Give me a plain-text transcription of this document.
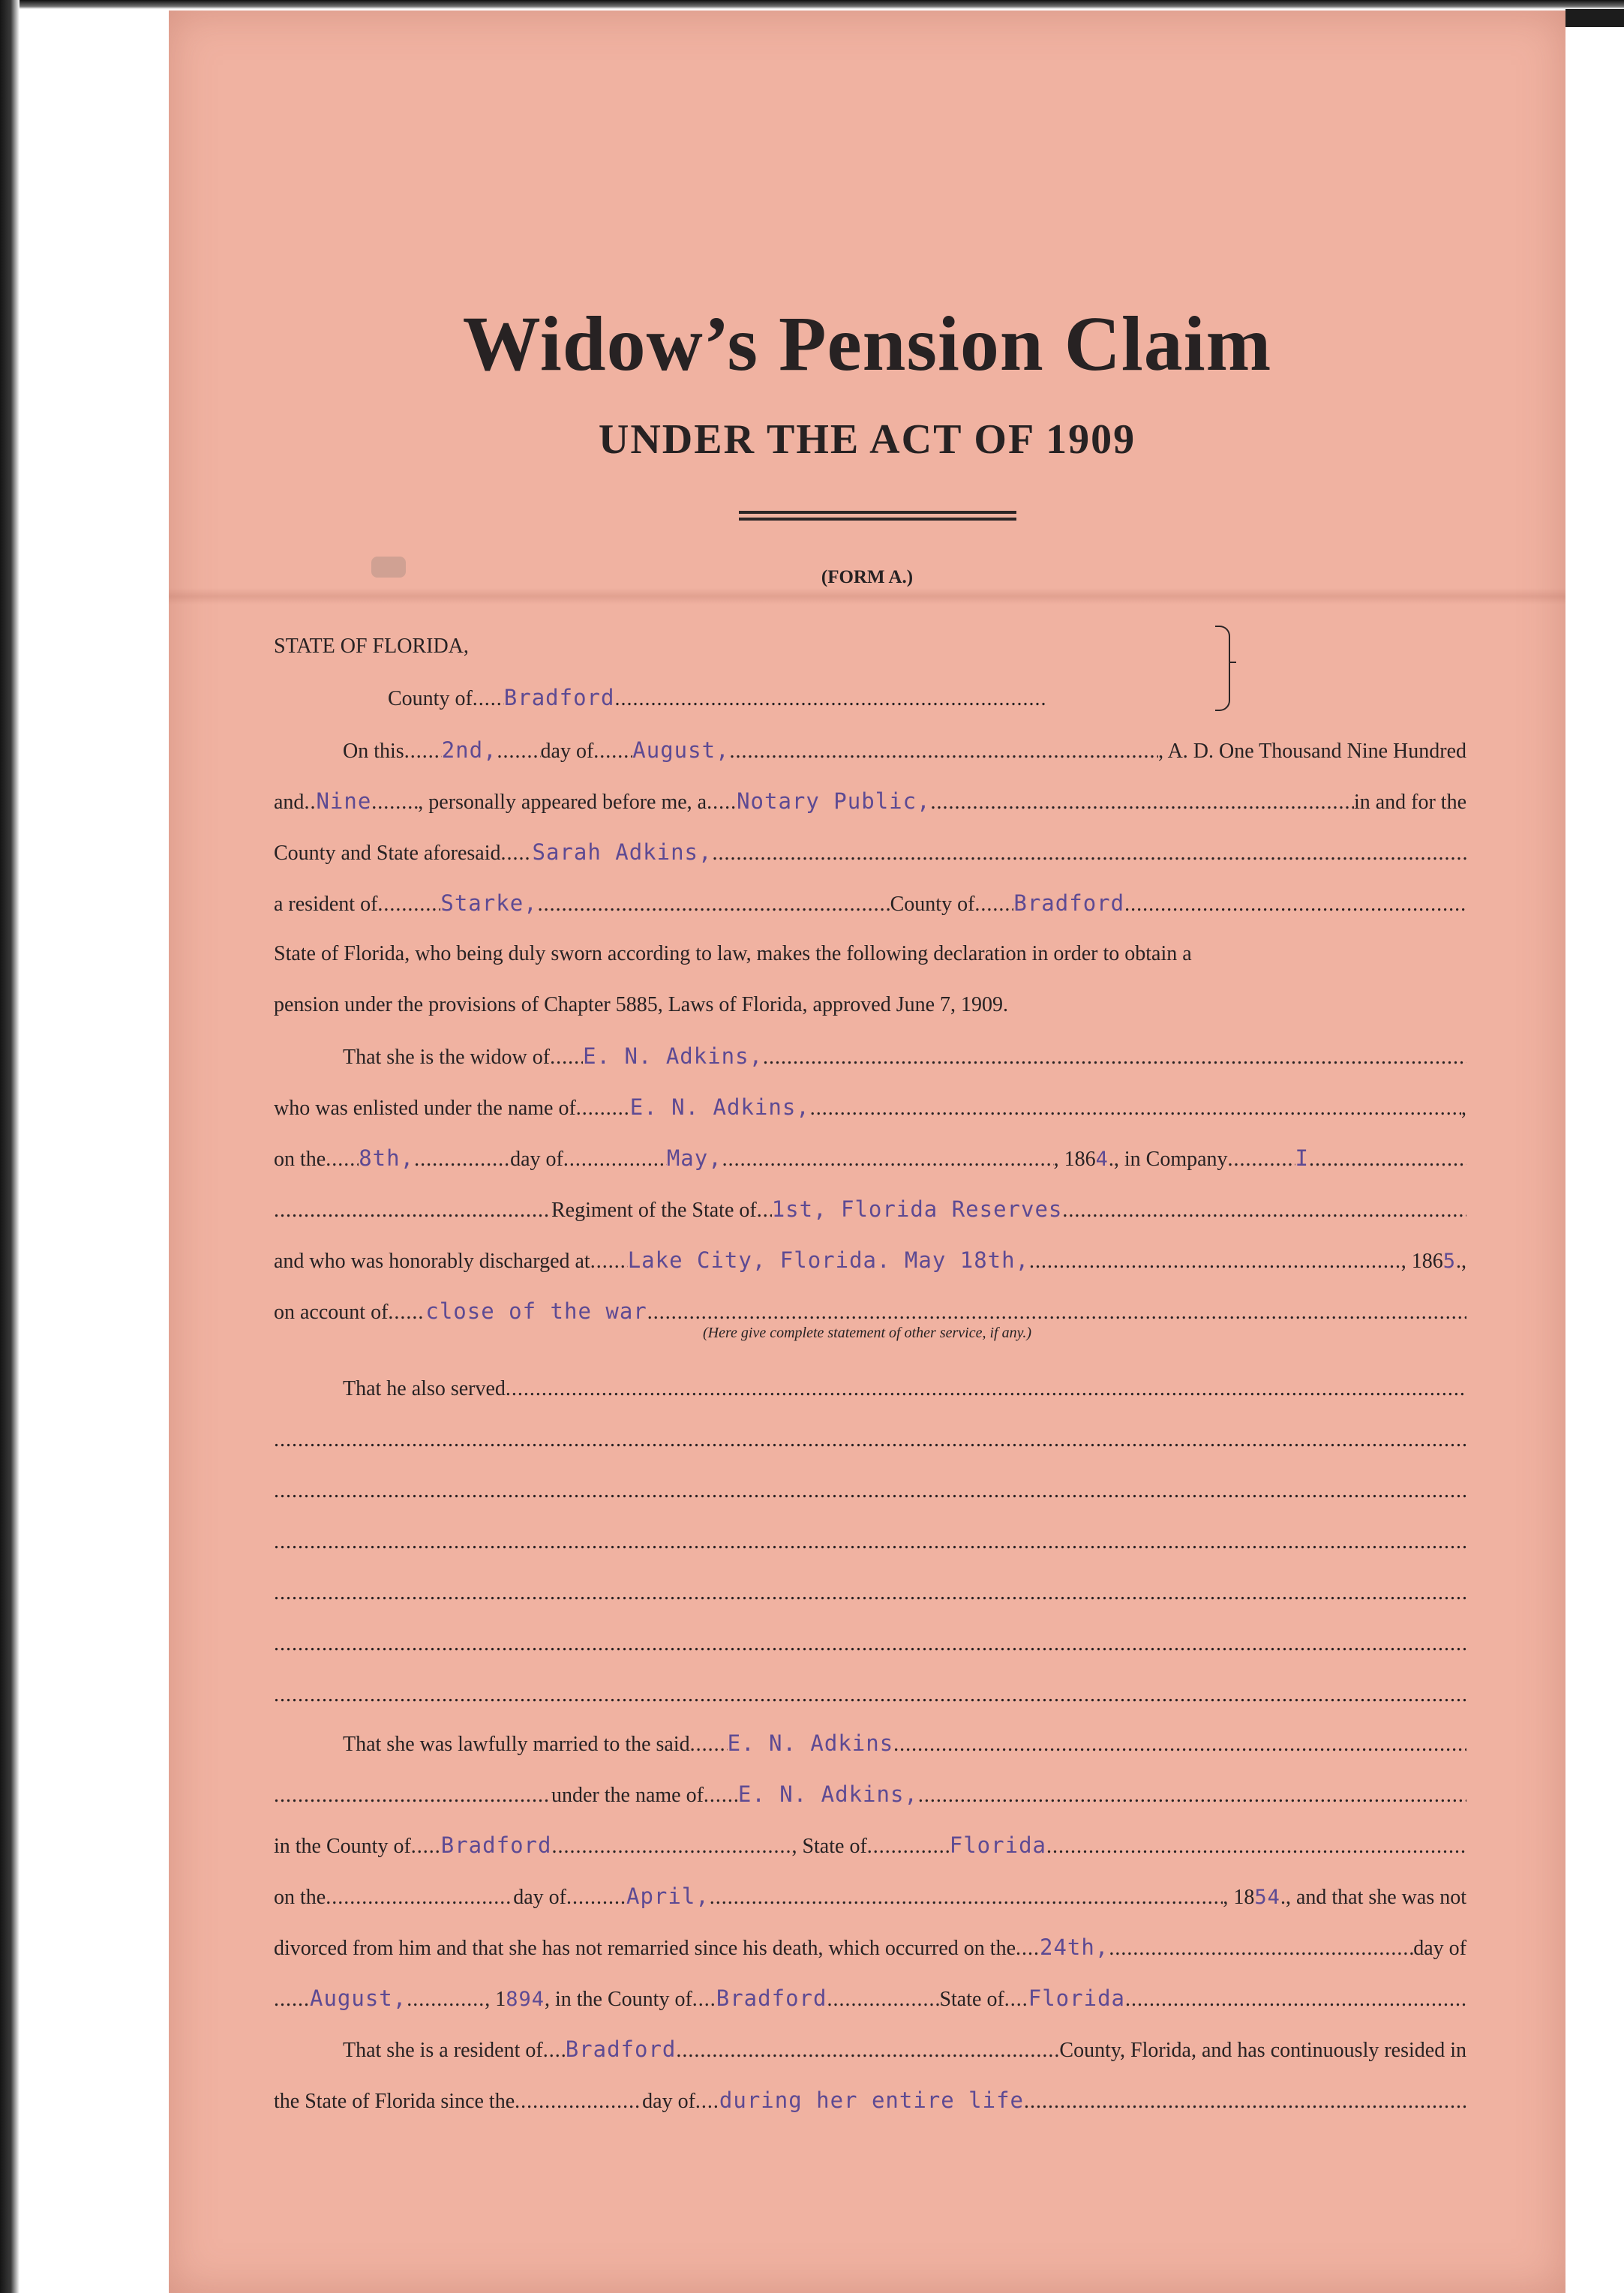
Widow’s Pension Claim
UNDER THE ACT OF 1909
(FORM A.)
STATE OF FLORIDA,
County of ..... Bradford
.....
On this ..... 2nd, ..... day of ..... August, .....	, A. D. One Thousand Nine Hundred
and ..... Nine ..... , personally appeared before me, a ..... Notary Public, .....	in and for the
County and State aforesaid ..... Sarah Adkins,
.....
a resident of .....	Starke, .....	County of ..... Bradford
.....
State of Florida, who being duly sworn according to law, makes the following declaration in order to obtain a
pension under the provisions of Chapter 5885, Laws of Florida, approved June 7, 1909.
That she is the widow of ..... E. N. Adkins,
.....
who was enlisted under the name of ..... E. N. Adkins, .....	,
on the ..... 8th, .....	day of .....	May, .....	, 186 4 ., in Company .....	I
.....
.....
Regiment of the State of ..... 1st, Florida Reserves
.....
and who was honorably discharged at ..... Lake City, Florida. May 18th, .....	, 186 5 .,
on account of ..... close of the war
.....
(Here give complete statement of other service, if any.)
That he also served
.....
.....
.....
.....
.....
.....
.....
That she was lawfully married to the said ..... E. N. Adkins
.....
.....
under the name of ..... E. N. Adkins,
.....
in the County of ..... Bradford .....	, State of .....	Florida
.....
on the .....	day of .....	April, .....	, 18 54 ., and that she was not
divorced from him and that she has not remarried since his death, which occurred on the ..... 24th, .....	day of
.....
August, .....	, 1 894 , in the County of ..... Bradford .....	State of ..... Florida
.....
That she is a resident of ..... Bradford .....	County, Florida, and has continuously resided in
the State of Florida since the .....	day of ..... during her entire life
.....
